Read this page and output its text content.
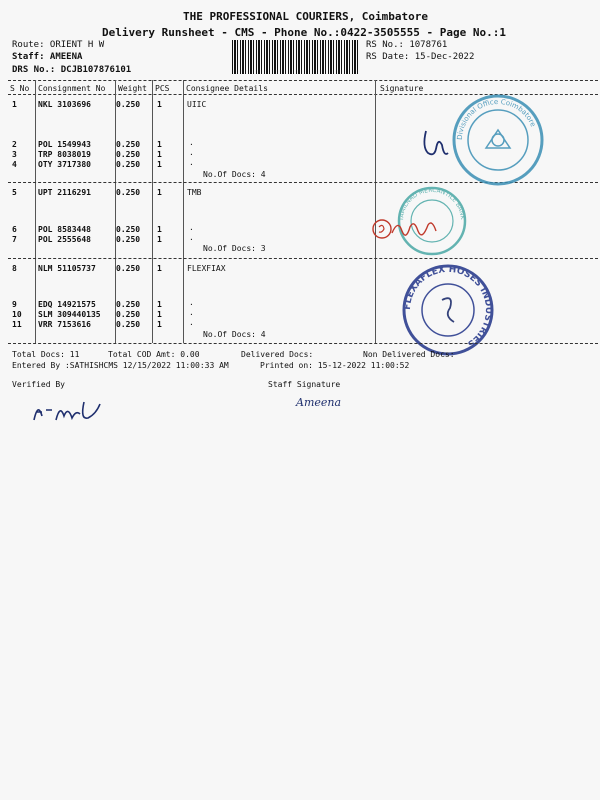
THE PROFESSIONAL COURIERS, Coimbatore
Delivery Runsheet - CMS - Phone No.:0422-3505555 - Page No.:1
Route: ORIENT H W
Staff: AMEENA
DRS No.: DCJB107876101
RS No.: 1078761
RS Date: 15-Dec-2022
S No Consignment No Weight PCS Consignee Details	Signature
1	NKL 3103696	0.250 1	UIIC
2	POL 1549943	0.250 1	.
3	TRP 8038019	0.250 1	.
4	OTY 3717380	0.250 1	.
No.Of Docs: 4
Divisional Office Coimbatore
5	UPT 2116291	0.250 1	TMB
6	POL 8583448	0.250 1	.
7	POL 2555648	0.250 1	.
No.Of Docs: 3
TAMILNAD MERCANTILE BANK
8	NLM 51105737	0.250 1	FLEXFIAX
9	EDQ 14921575	0.250 1	.
10 SLM 309440135 0.250 1	.
11 VRR 7153616	0.250 1	.
No.Of Docs: 4
FLEXAFLEX HOSES INDUSTRIES
Total Docs: 11	Total COD Amt: 0.00	Delivered Docs:	Non Delivered Docs:
Entered By :SATHISHCMS 12/15/2022 11:00:33 AM	Printed on: 15-12-2022 11:00:52
Verified By	Staff Signature
Ameena
